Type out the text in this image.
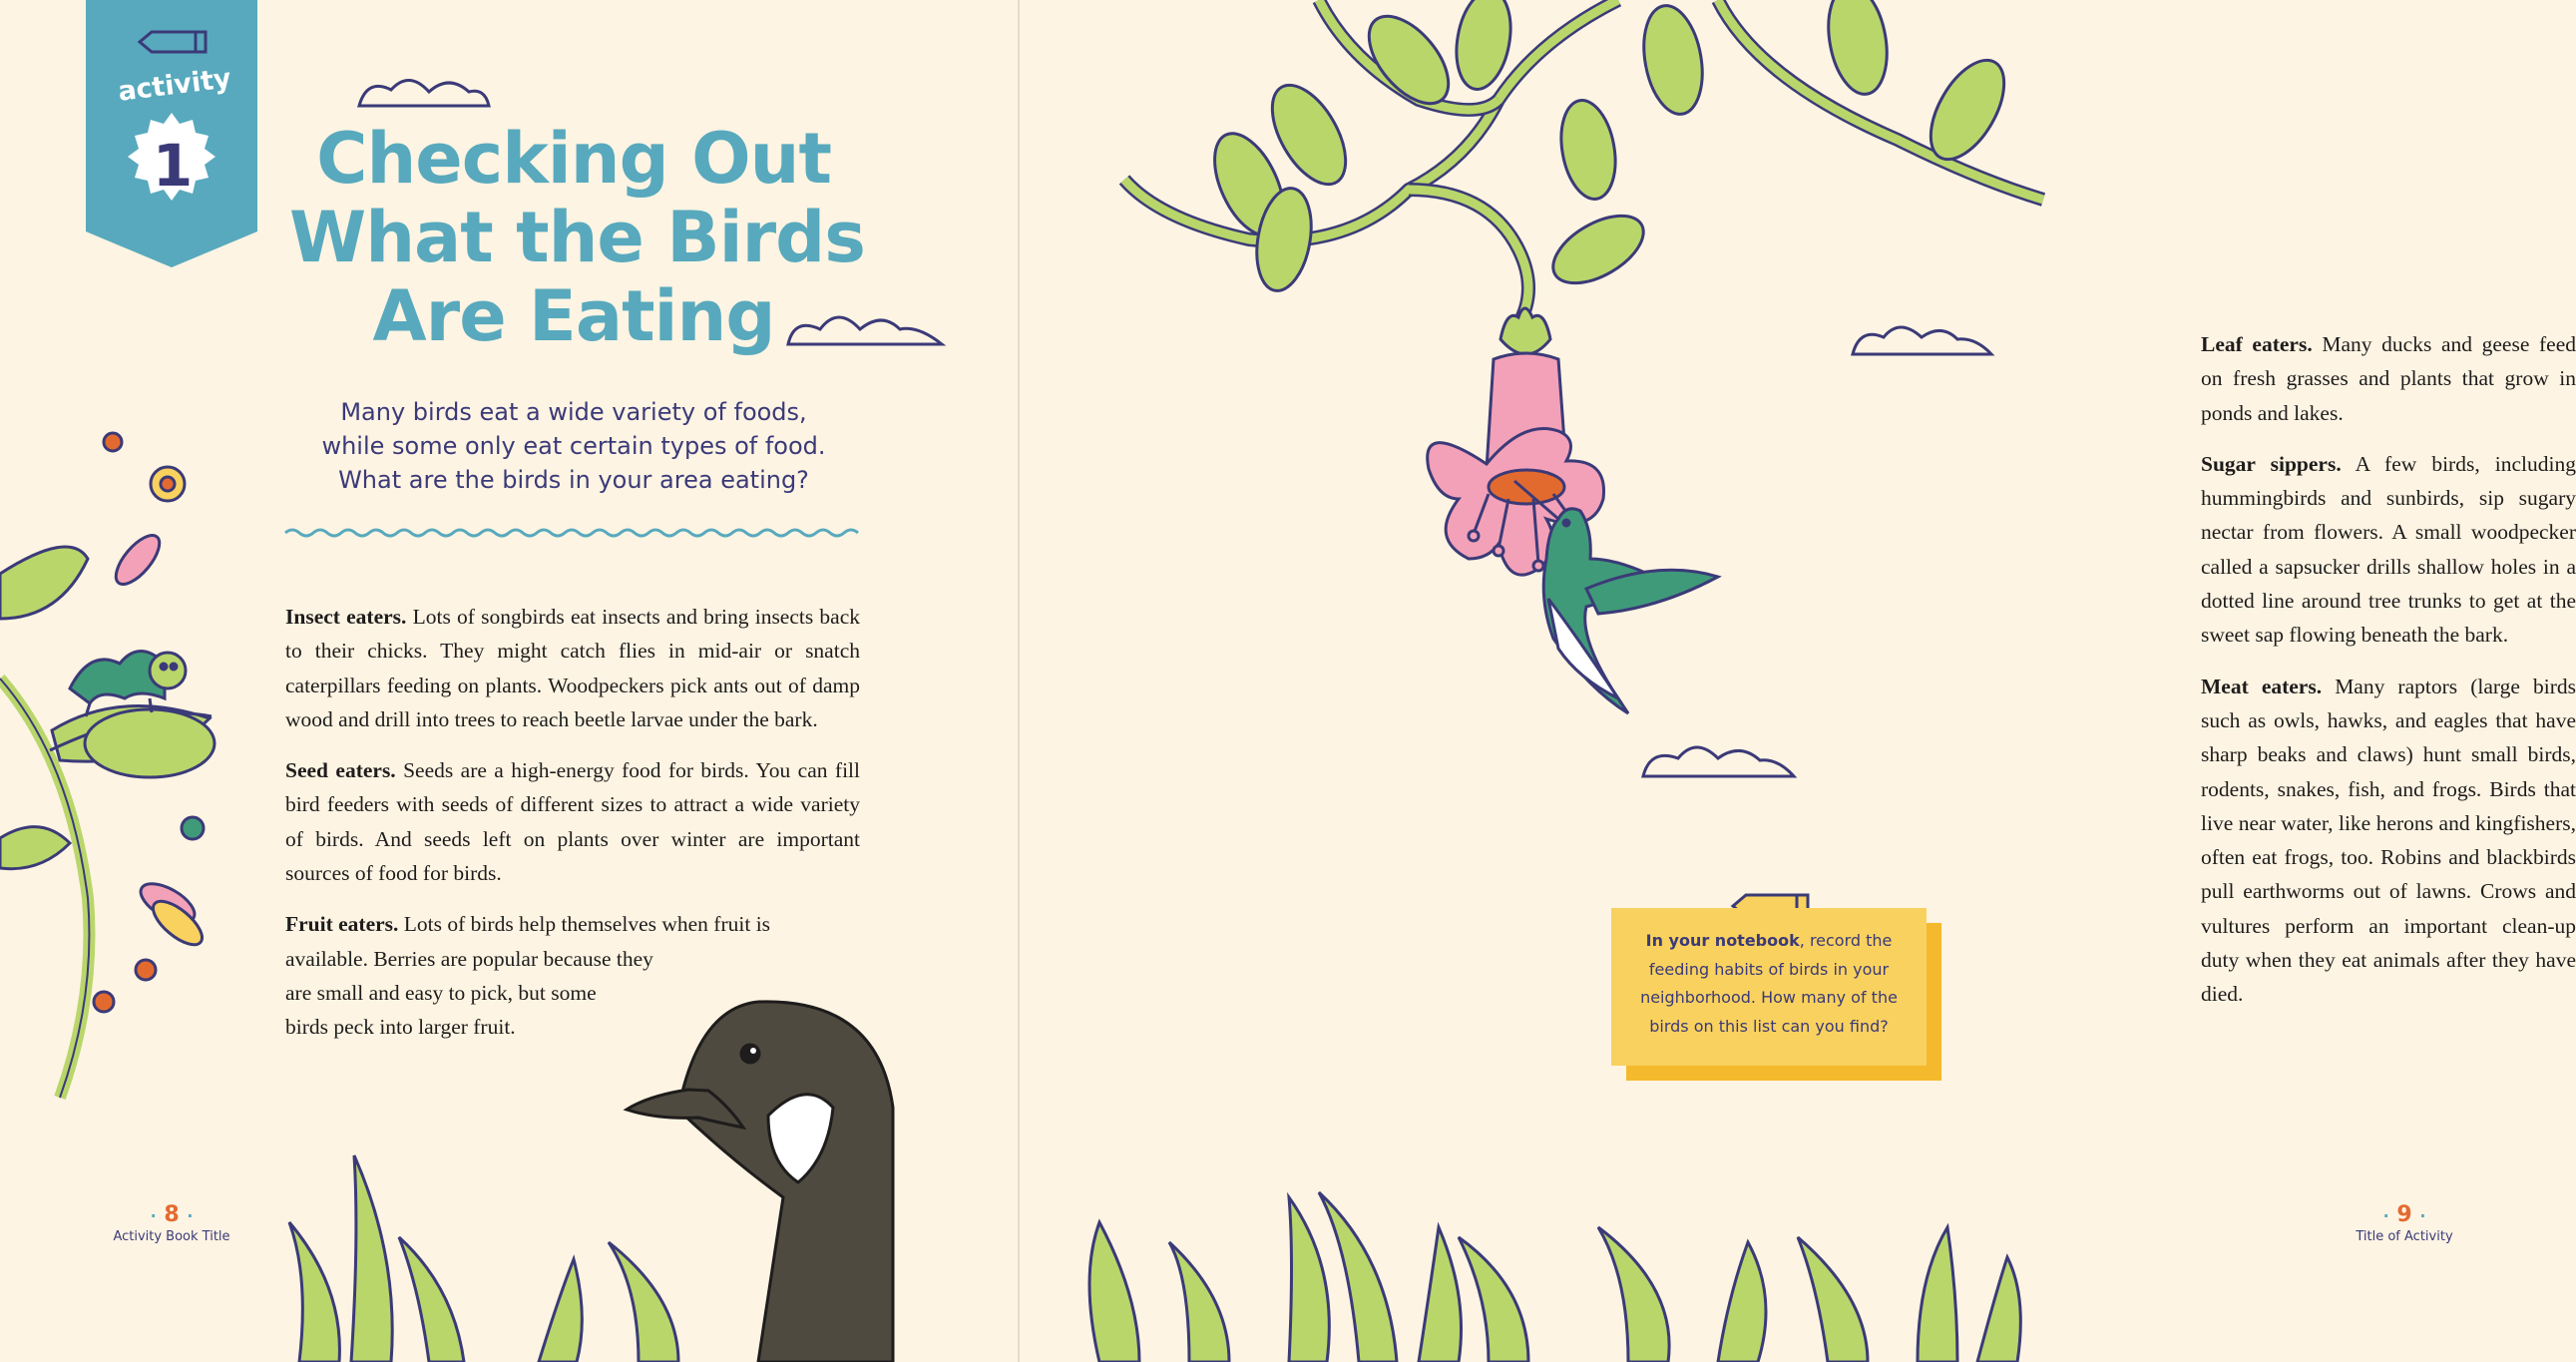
activity
1	Checking Out
What the Birds
Are Eating
Many birds eat a wide variety of foods,
while some only eat certain types of food.
What are the birds in your area eating?

Insect eaters. Lots of songbirds eat insects and bring insects back to their chicks. They might catch flies in mid-air or snatch caterpillars feeding on plants. Woodpeckers pick ants out of damp wood and drill into trees to reach beetle larvae under the bark.

Seed eaters. Seeds are a high-energy food for birds. You can fill bird feeders with seeds of different sizes to attract a wide variety of birds. And seeds left on plants over winter are important sources of food for birds.

Fruit eaters. Lots of birds help themselves when fruit is
available. Berries are popular because they
are small and easy to pick, but some
birds peck into larger fruit.

· 8 ·
Activity Book Title

Leaf eaters. Many ducks and geese feed on fresh grasses and plants that grow in ponds and lakes.

Sugar sippers. A few birds, including hummingbirds and sunbirds, sip sugary nectar from flowers. A small woodpecker called a sapsucker drills shallow holes in a dotted line around tree trunks to get at the sweet sap flowing beneath the bark.

Meat eaters. Many raptors (large birds such as owls, hawks, and eagles that have sharp beaks and claws) hunt small birds, rodents, snakes, fish, and frogs. Birds that live near water, like herons and kingfishers, often eat frogs, too. Robins and blackbirds pull earthworms out of lawns. Crows and vultures perform an important clean-up duty when they eat animals after they have died.

· 9 ·
Title of Activity
In your notebook, record the
feeding habits of birds in your
neighborhood. How many of the
birds on this list can you find?
